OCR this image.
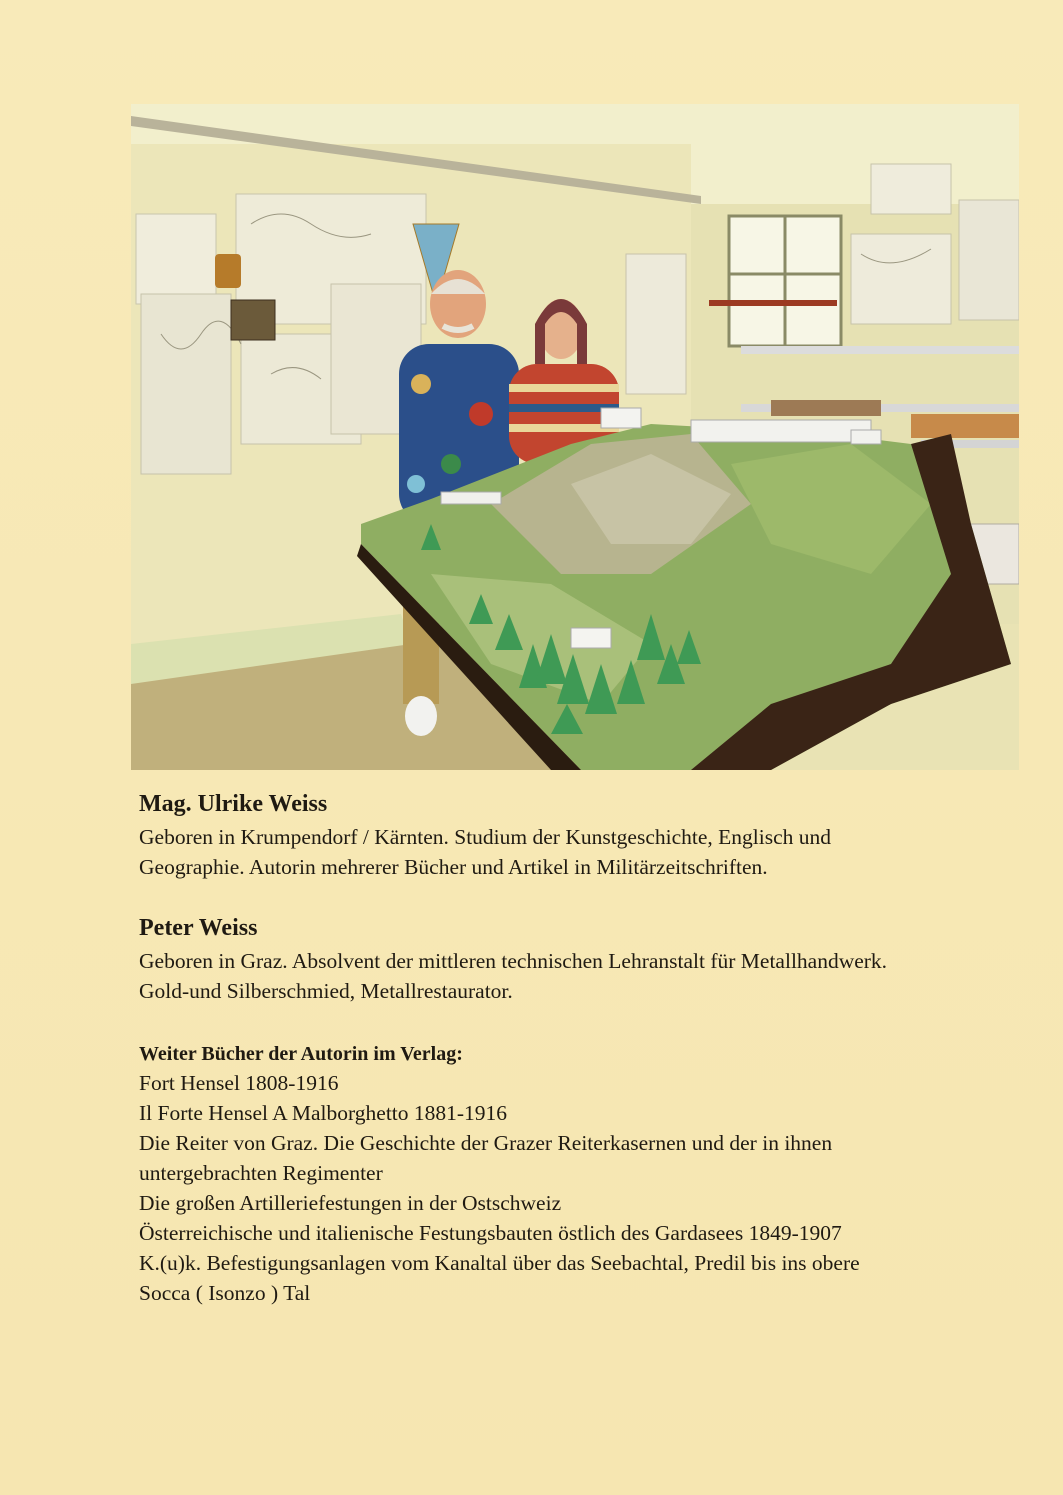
Mag. Ulrike Weiss

Geboren in Krumpendorf / Kärnten. Studium der Kunstgeschichte, Englisch und

Geographie. Autorin mehrerer Bücher und Artikel in Militärzeitschriften.

Peter Weiss

Geboren in Graz. Absolvent der mittleren technischen Lehranstalt für Metallhandwerk.

Gold-und Silberschmied, Metallrestaurator.

Weiter Bücher der Autorin im Verlag:

Fort Hensel 1808-1916

Il Forte Hensel A Malborghetto 1881-1916

Die Reiter von Graz. Die Geschichte der Grazer Reiterkasernen und der in ihnen

untergebrachten Regimenter

Die großen Artilleriefestungen in der Ostschweiz

Österreichische und italienische Festungsbauten östlich des Gardasees 1849-1907

K.(u)k. Befestigungsanlagen vom Kanaltal über das Seebachtal, Predil bis ins obere

Socca ( Isonzo ) Tal
